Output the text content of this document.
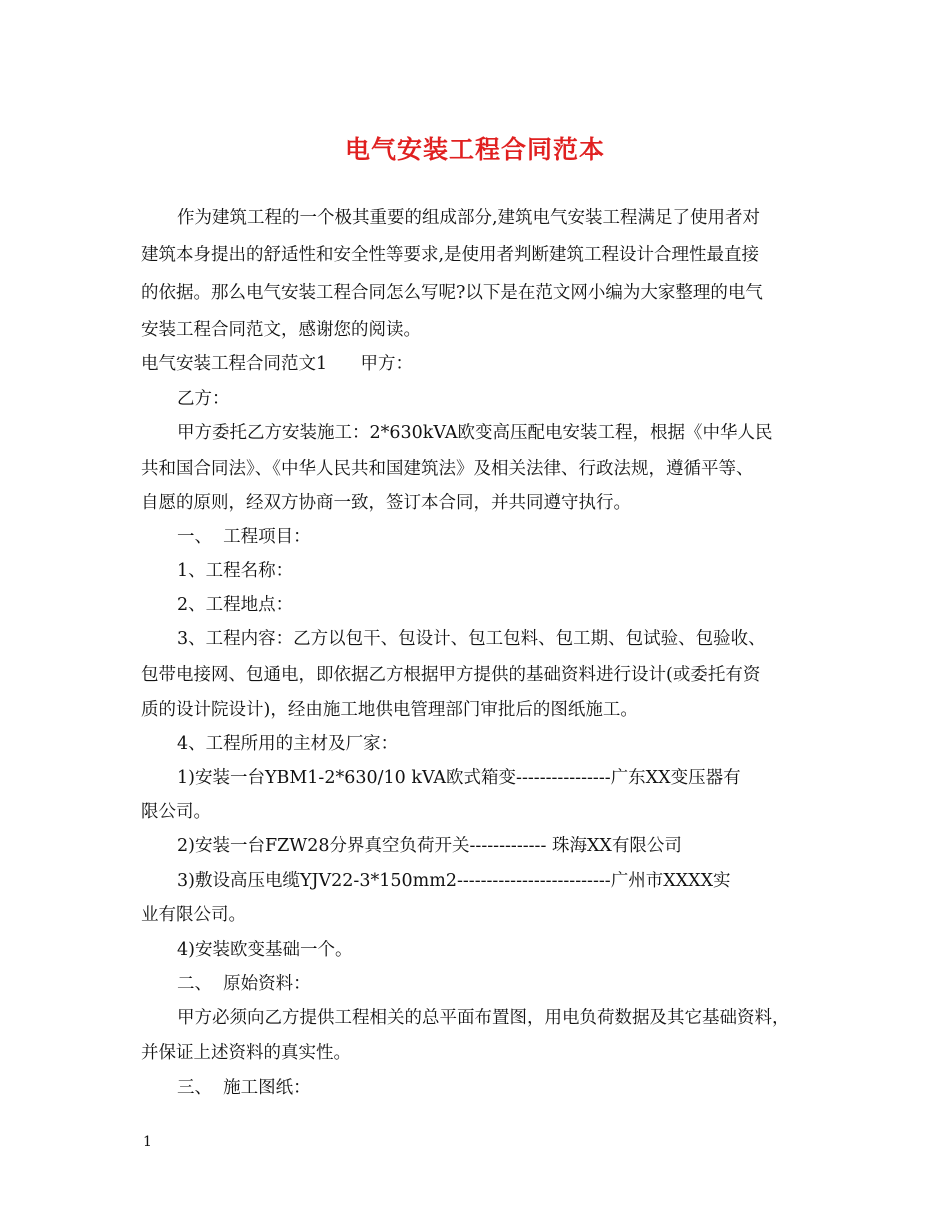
电气安装工程合同范本
作为建筑工程的一个极其重要的组成部分,建筑电气安装工程满足了使用者对
建筑本身提出的舒适性和安全性等要求,是使用者判断建筑工程设计合理性最直接
的依据。那么电气安装工程合同怎么写呢?以下是在范文网小编为大家整理的电气
安装工程合同范文，感谢您的阅读。
电气安装工程合同范文1      甲方：
乙方：
甲方委托乙方安装施工：2*630kVA欧变高压配电安装工程，根据《中华人民
共和国合同法》、《中华人民共和国建筑法》及相关法律、行政法规，遵循平等、
自愿的原则，经双方协商一致，签订本合同，并共同遵守执行。
一、  工程项目：
1、工程名称：
2、工程地点：
3、工程内容：乙方以包干、包设计、包工包料、包工期、包试验、包验收、
包带电接网、包通电，即依据乙方根据甲方提供的基础资料进行设计(或委托有资
质的设计院设计)，经由施工地供电管理部门审批后的图纸施工。
4、工程所用的主材及厂家：
1)安装一台YBM1-2*630/10 kVA欧式箱变----------------广东XX变压器有
限公司。
2)安装一台FZW28分界真空负荷开关------------- 珠海XX有限公司
3)敷设高压电缆YJV22-3*150mm2--------------------------广州市XXXX实
业有限公司。
4)安装欧变基础一个。
二、  原始资料：
甲方必须向乙方提供工程相关的总平面布置图，用电负荷数据及其它基础资料，
并保证上述资料的真实性。
三、  施工图纸：
1
